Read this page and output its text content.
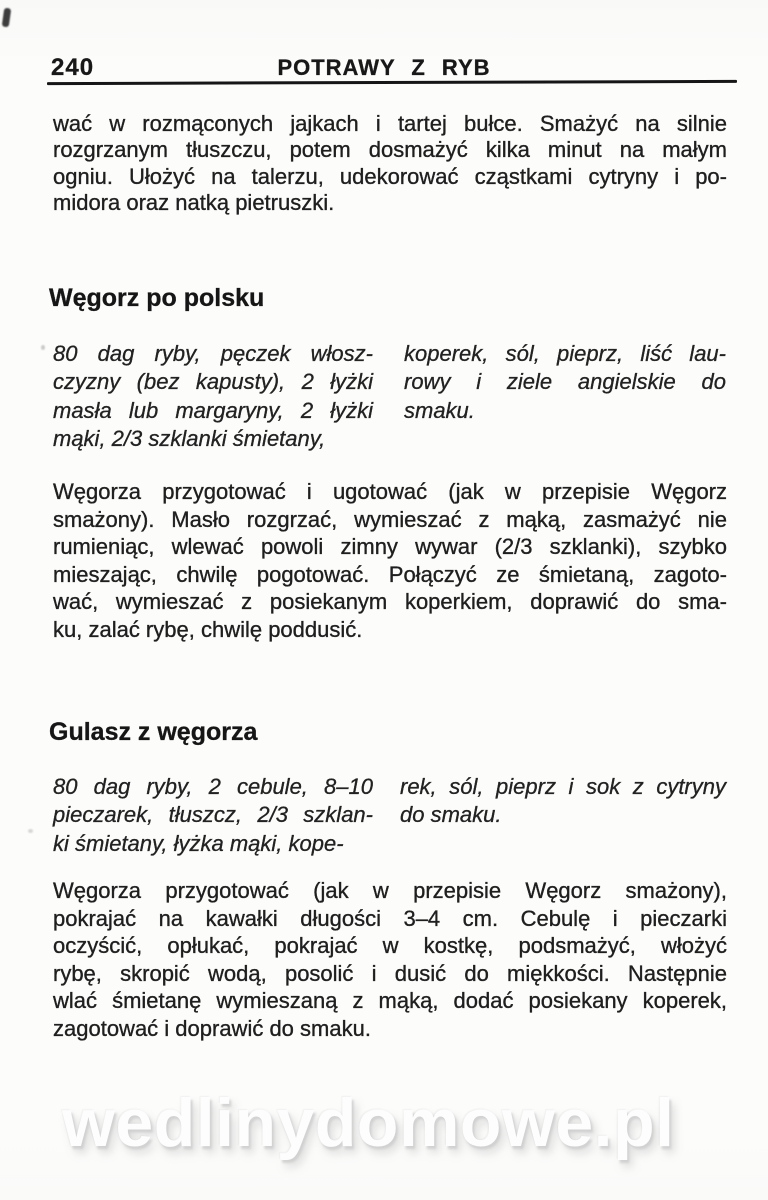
240	POTRAWY Z RYB
wać w rozmąconych jajkach i tartej bułce. Smażyć na silnie
rozgrzanym tłuszczu, potem dosmażyć kilka minut na małym
ogniu. Ułożyć na talerzu, udekorować cząstkami cytryny i po-
midora oraz natką pietruszki.
Węgorz po polsku
80 dag ryby, pęczek włosz-
czyzny (bez kapusty), 2 łyżki
masła lub margaryny, 2 łyżki
mąki, 2/3 szklanki śmietany,
koperek, sól, pieprz, liść lau-
rowy i ziele angielskie do
smaku.
Węgorza przygotować i ugotować (jak w przepisie Węgorz
smażony). Masło rozgrzać, wymieszać z mąką, zasmażyć nie
rumieniąc, wlewać powoli zimny wywar (2/3 szklanki), szybko
mieszając, chwilę pogotować. Połączyć ze śmietaną, zagoto-
wać, wymieszać z posiekanym koperkiem, doprawić do sma-
ku, zalać rybę, chwilę poddusić.
Gulasz z węgorza
80 dag ryby, 2 cebule, 8–10
pieczarek, tłuszcz, 2/3 szklan-
ki śmietany, łyżka mąki, kope-
rek, sól, pieprz i sok z cytryny
do smaku.
Węgorza przygotować (jak w przepisie Węgorz smażony),
pokrajać na kawałki długości 3–4 cm. Cebulę i pieczarki
oczyścić, opłukać, pokrajać w kostkę, podsmażyć, włożyć
rybę, skropić wodą, posolić i dusić do miękkości. Następnie
wlać śmietanę wymieszaną z mąką, dodać posiekany koperek,
zagotować i doprawić do smaku.
wedlinydomowe.pl
